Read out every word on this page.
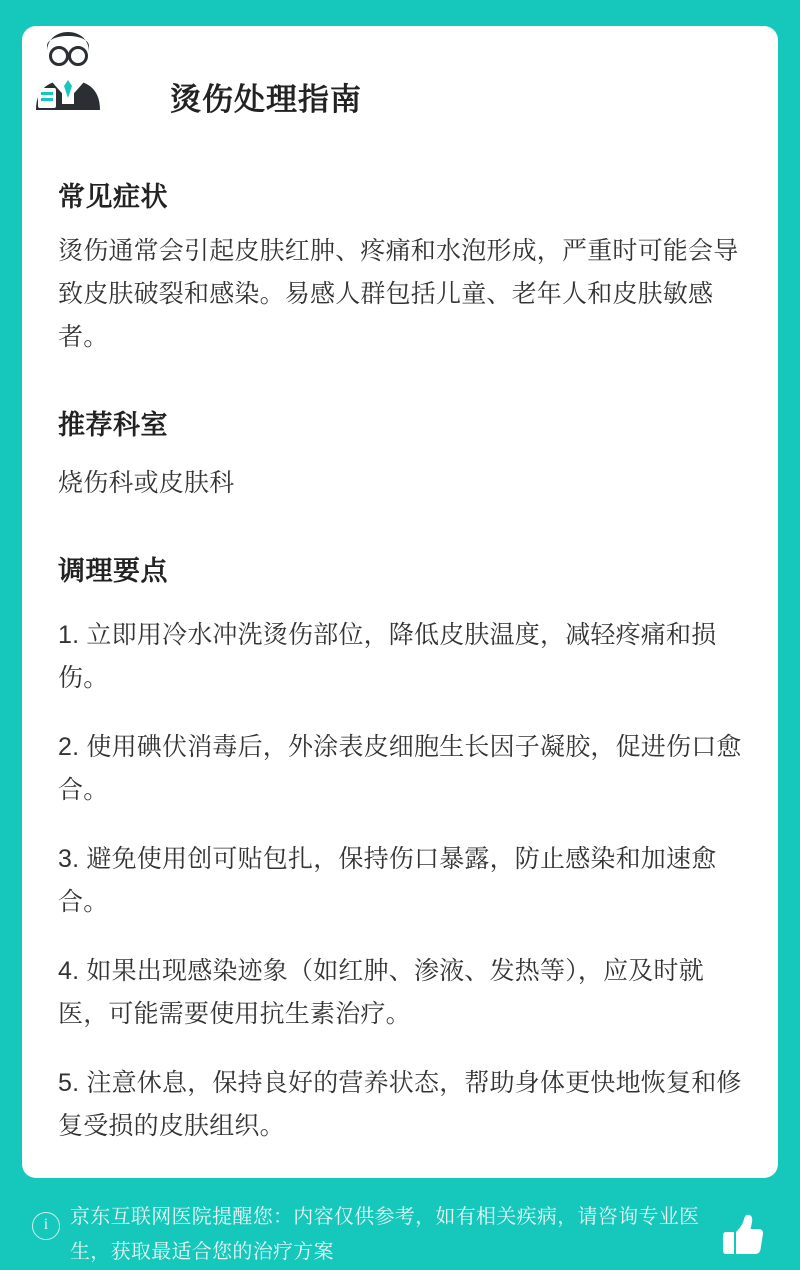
烫伤处理指南
常见症状

烫伤通常会引起皮肤红肿、疼痛和水泡形成，严重时可能会导致皮肤破裂和感染。易感人群包括儿童、老年人和皮肤敏感者。

推荐科室

烧伤科或皮肤科

调理要点

1. 立即用冷水冲洗烫伤部位，降低皮肤温度，减轻疼痛和损伤。

2. 使用碘伏消毒后，外涂表皮细胞生长因子凝胶，促进伤口愈合。

3. 避免使用创可贴包扎，保持伤口暴露，防止感染和加速愈合。

4. 如果出现感染迹象（如红肿、渗液、发热等），应及时就医，可能需要使用抗生素治疗。

5. 注意休息，保持良好的营养状态，帮助身体更快地恢复和修复受损的皮肤组织。

i	京东互联网医院提醒您：内容仅供参考，如有相关疾病，请咨询专业医生，获取最适合您的治疗方案
